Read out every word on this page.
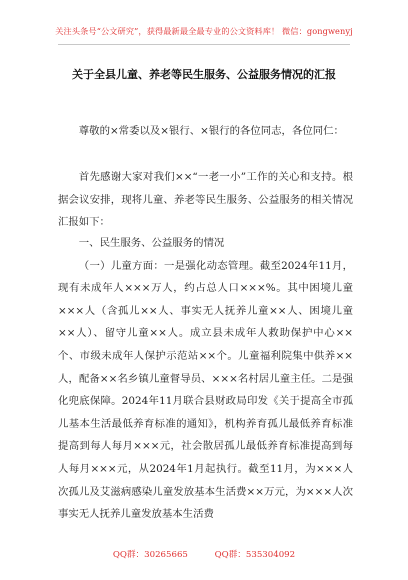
关注头条号“公文研究”，获得最新最全最专业的公文资料库！ 微信：gongwenyj
关于全县儿童、养老等民生服务、公益服务情况的汇报

尊敬的×常委以及×银行、×银行的各位同志，各位同仁：

首先感谢大家对我们××“一老一小”工作的关心和支持。根据会议安排，现将儿童、养老等民生服务、公益服务的相关情况汇报如下：

一、民生服务、公益服务的情况

（一）儿童方面：一是强化动态管理。截至2024年11月，现有未成年人×××万人，约占总人口×××%。其中困境儿童×××人（含孤儿××人、事实无人抚养儿童××人、困境儿童××人）、留守儿童××人。成立县未成年人救助保护中心××个、市级未成年人保护示范站××个。儿童福利院集中供养××人，配备××名乡镇儿童督导员、×××名村居儿童主任。二是强化兜底保障。2024年11月联合县财政局印发《关于提高全市孤儿基本生活最低养育标准的通知》，机构养育孤儿最低养育标准提高到每人每月×××元，社会散居孤儿最低养育标准提高到每人每月×××元，从2024年1月起执行。截至11月，为×××人次孤儿及艾滋病感染儿童发放基本生活费××万元，为×××人次事实无人抚养儿童发放基本生活费

QQ群：30265665	QQ群：535304092
